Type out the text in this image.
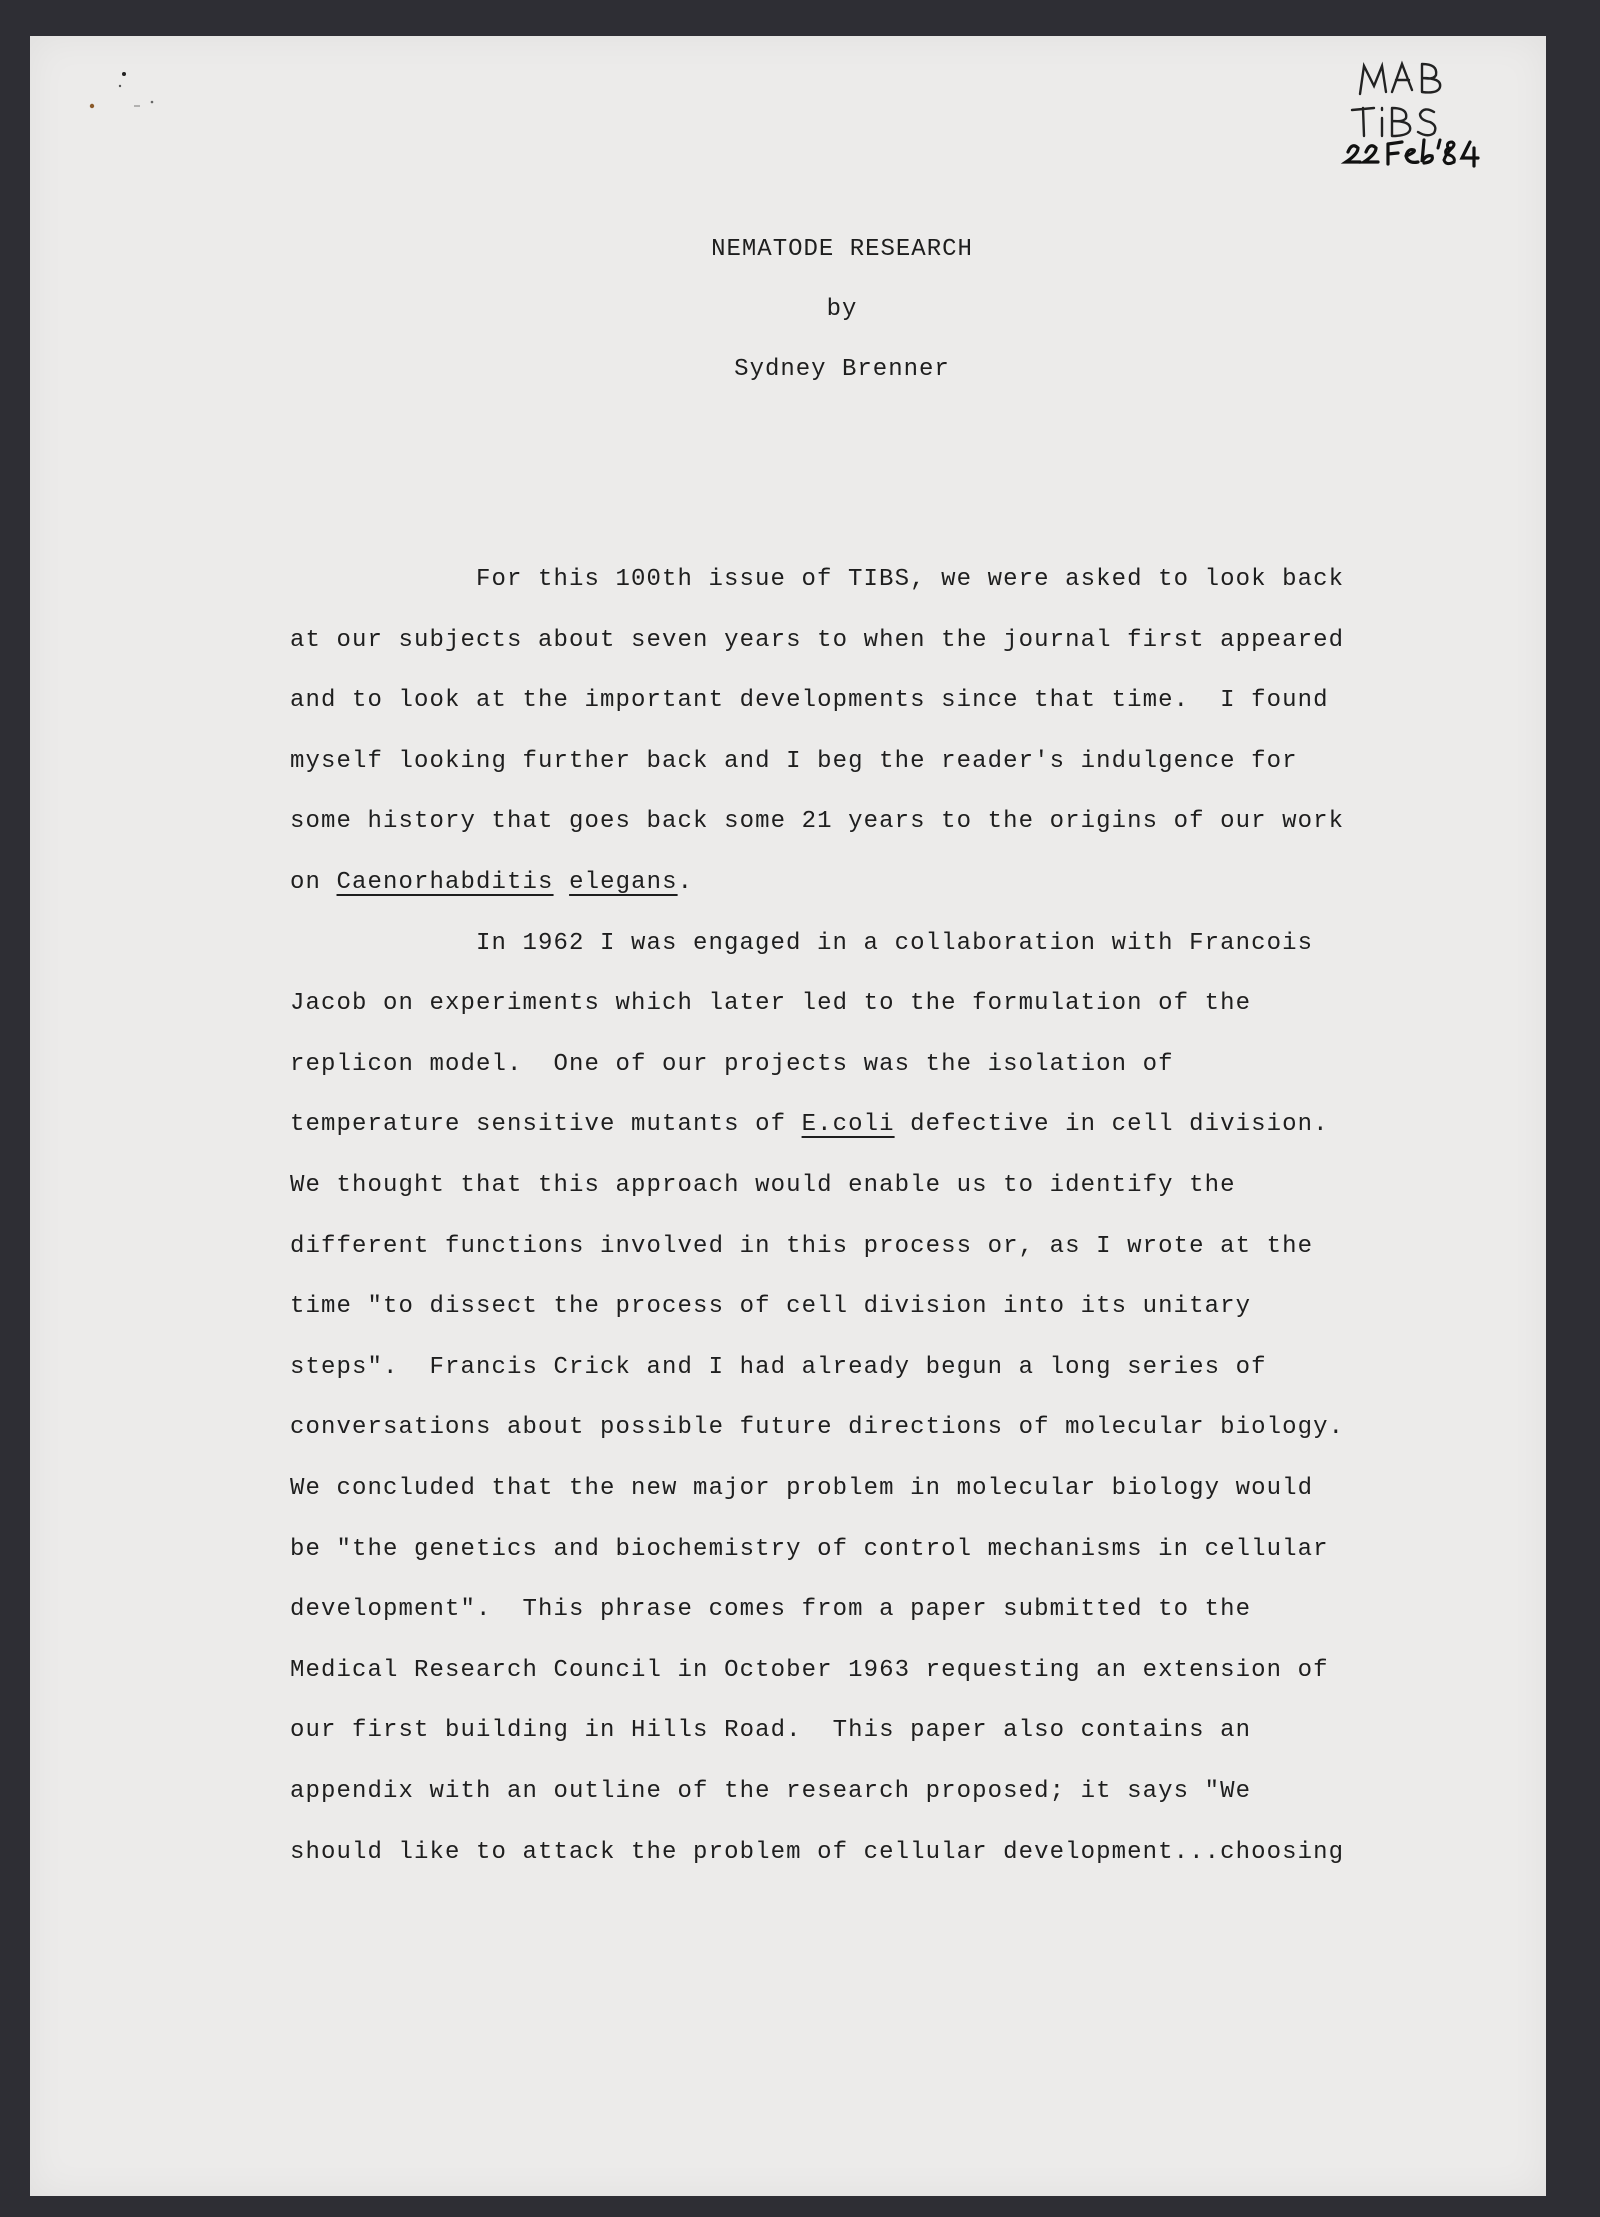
NEMATODE RESEARCH
by
Sydney Brenner
For this 100th issue of TIBS, we were asked to look back
at our subjects about seven years to when the journal first appeared
and to look at the important developments since that time.  I found
myself looking further back and I beg the reader's indulgence for
some history that goes back some 21 years to the origins of our work
on Caenorhabditis elegans.
In 1962 I was engaged in a collaboration with Francois
Jacob on experiments which later led to the formulation of the
replicon model.  One of our projects was the isolation of
temperature sensitive mutants of E.coli defective in cell division.
We thought that this approach would enable us to identify the
different functions involved in this process or, as I wrote at the
time "to dissect the process of cell division into its unitary
steps".  Francis Crick and I had already begun a long series of
conversations about possible future directions of molecular biology.
We concluded that the new major problem in molecular biology would
be "the genetics and biochemistry of control mechanisms in cellular
development".  This phrase comes from a paper submitted to the
Medical Research Council in October 1963 requesting an extension of
our first building in Hills Road.  This paper also contains an
appendix with an outline of the research proposed; it says "We
should like to attack the problem of cellular development...choosing
